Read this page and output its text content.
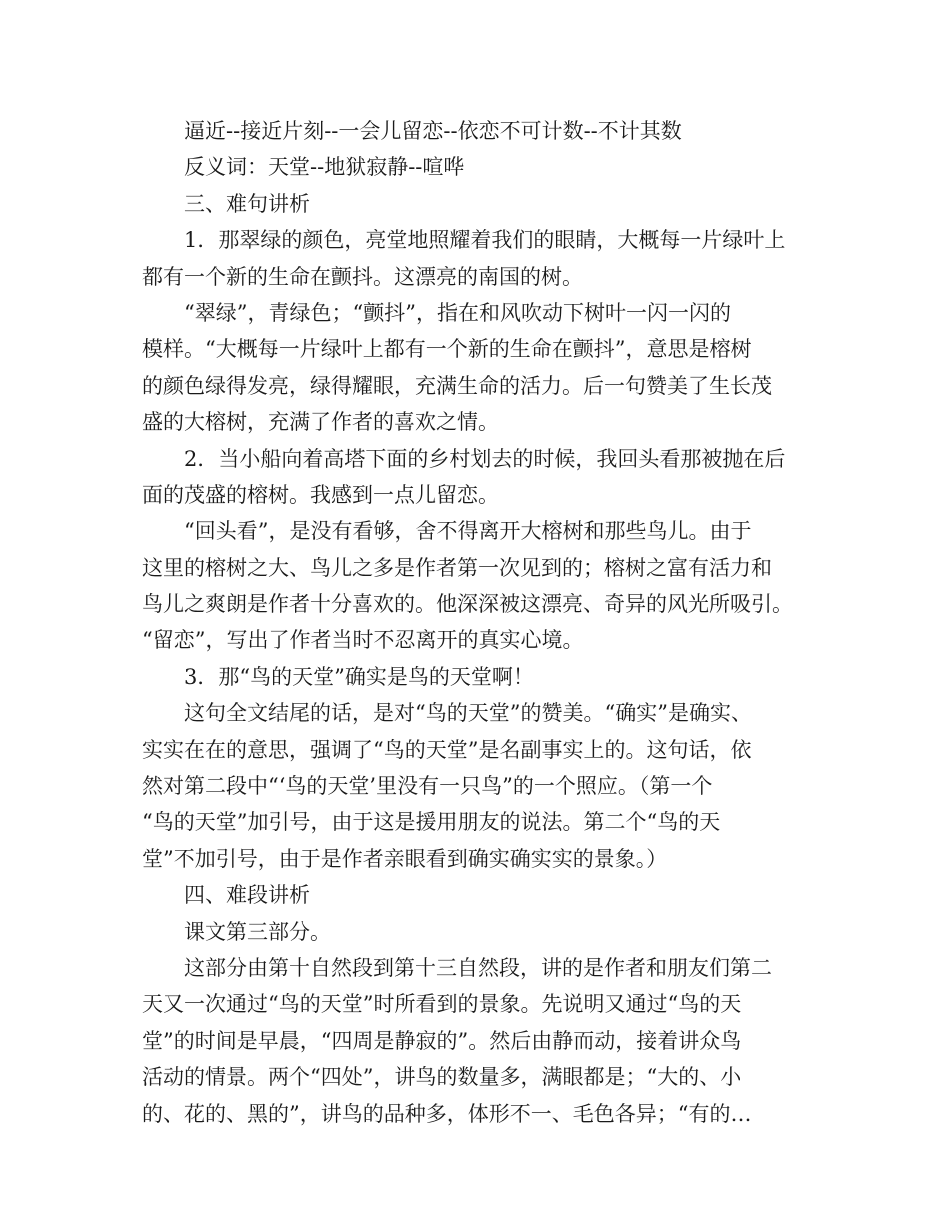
逼近--接近片刻--一会儿留恋--依恋不可计数--不计其数
反义词：天堂--地狱寂静--喧哗
三、难句讲析
1．那翠绿的颜色，亮堂地照耀着我们的眼睛，大概每一片绿叶上
都有一个新的生命在颤抖。这漂亮的南国的树。
“翠绿”，青绿色；“颤抖”，指在和风吹动下树叶一闪一闪的
模样。“大概每一片绿叶上都有一个新的生命在颤抖”，意思是榕树
的颜色绿得发亮，绿得耀眼，充满生命的活力。后一句赞美了生长茂
盛的大榕树，充满了作者的喜欢之情。
2．当小船向着高塔下面的乡村划去的时候，我回头看那被抛在后
面的茂盛的榕树。我感到一点儿留恋。
“回头看”，是没有看够，舍不得离开大榕树和那些鸟儿。由于
这里的榕树之大、鸟儿之多是作者第一次见到的；榕树之富有活力和
鸟儿之爽朗是作者十分喜欢的。他深深被这漂亮、奇异的风光所吸引。
“留恋”，写出了作者当时不忍离开的真实心境。
3．那“鸟的天堂”确实是鸟的天堂啊！
这句全文结尾的话，是对“鸟的天堂”的赞美。“确实”是确实、
实实在在的意思，强调了“鸟的天堂”是名副事实上的。这句话，依
然对第二段中“‘鸟的天堂’里没有一只鸟”的一个照应。（第一个
“鸟的天堂”加引号，由于这是援用朋友的说法。第二个“鸟的天
堂”不加引号，由于是作者亲眼看到确实确实实的景象。）
四、难段讲析
课文第三部分。
这部分由第十自然段到第十三自然段，讲的是作者和朋友们第二
天又一次通过“鸟的天堂”时所看到的景象。先说明又通过“鸟的天
堂”的时间是早晨，“四周是静寂的”。然后由静而动，接着讲众鸟
活动的情景。两个“四处”，讲鸟的数量多，满眼都是；“大的、小
的、花的、黑的”，讲鸟的品种多，体形不一、毛色各异；“有的…
